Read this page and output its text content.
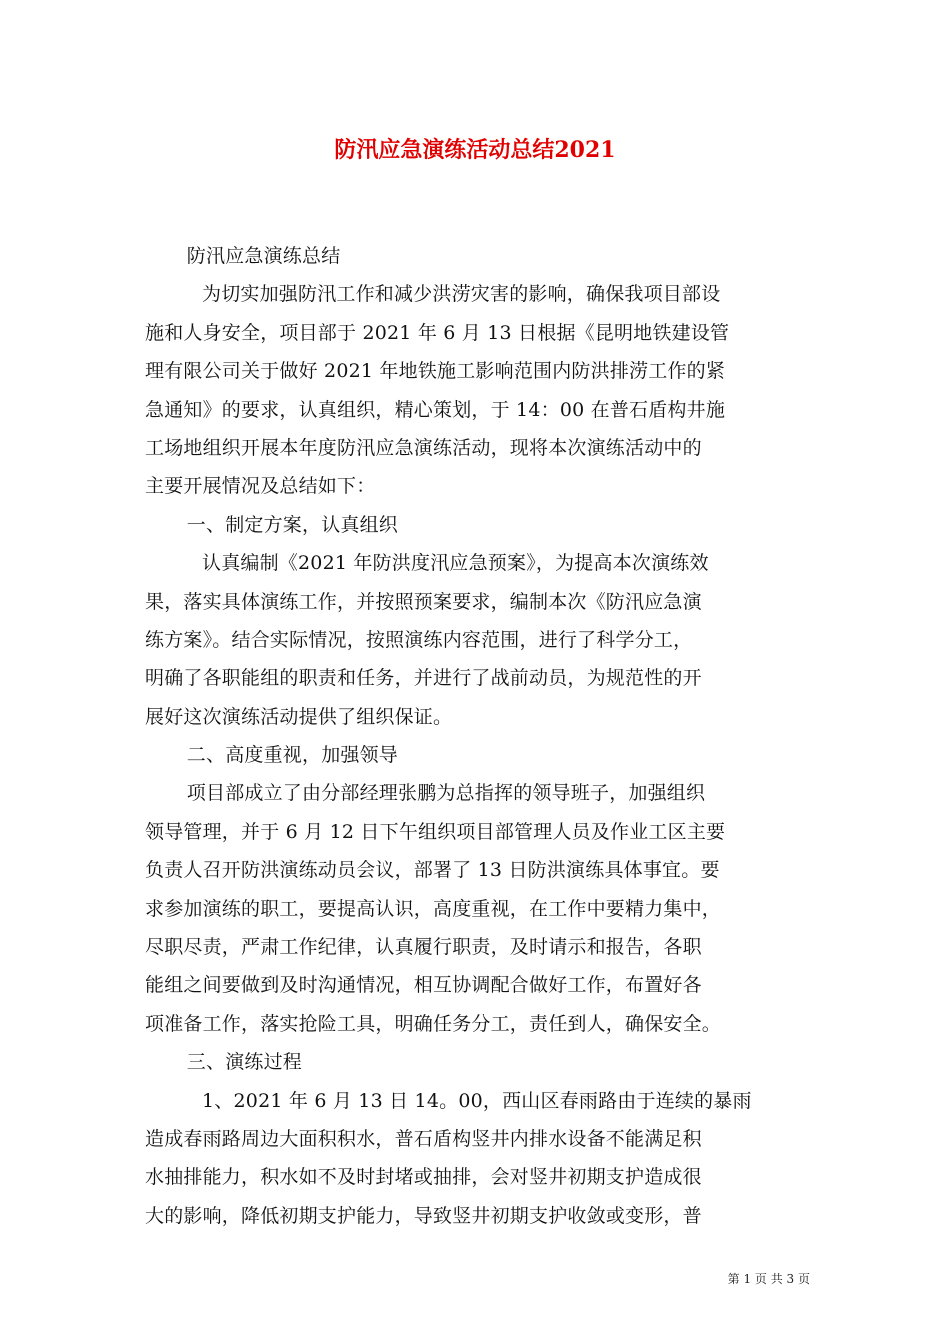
防汛应急演练活动总结2021
防汛应急演练总结
为切实加强防汛工作和减少洪涝灾害的影响，确保我项目部设
施和人身安全，项目部于 2021 年 6 月 13 日根据《昆明地铁建设管
理有限公司关于做好 2021 年地铁施工影响范围内防洪排涝工作的紧
急通知》的要求，认真组织，精心策划，于 14：00 在普石盾构井施
工场地组织开展本年度防汛应急演练活动，现将本次演练活动中的
主要开展情况及总结如下：
一、制定方案，认真组织
认真编制《2021 年防洪度汛应急预案》，为提高本次演练效
果，落实具体演练工作，并按照预案要求，编制本次《防汛应急演
练方案》。结合实际情况，按照演练内容范围，进行了科学分工，
明确了各职能组的职责和任务，并进行了战前动员，为规范性的开
展好这次演练活动提供了组织保证。
二、高度重视，加强领导
项目部成立了由分部经理张鹏为总指挥的领导班子，加强组织
领导管理，并于 6 月 12 日下午组织项目部管理人员及作业工区主要
负责人召开防洪演练动员会议，部署了 13 日防洪演练具体事宜。要
求参加演练的职工，要提高认识，高度重视，在工作中要精力集中，
尽职尽责，严肃工作纪律，认真履行职责，及时请示和报告，各职
能组之间要做到及时沟通情况，相互协调配合做好工作，布置好各
项准备工作，落实抢险工具，明确任务分工，责任到人，确保安全。
三、演练过程
1、2021 年 6 月 13 日 14。00，西山区春雨路由于连续的暴雨
造成春雨路周边大面积积水，普石盾构竖井内排水设备不能满足积
水抽排能力，积水如不及时封堵或抽排，会对竖井初期支护造成很
大的影响，降低初期支护能力，导致竖井初期支护收敛或变形，普
第 1 页 共 3 页
